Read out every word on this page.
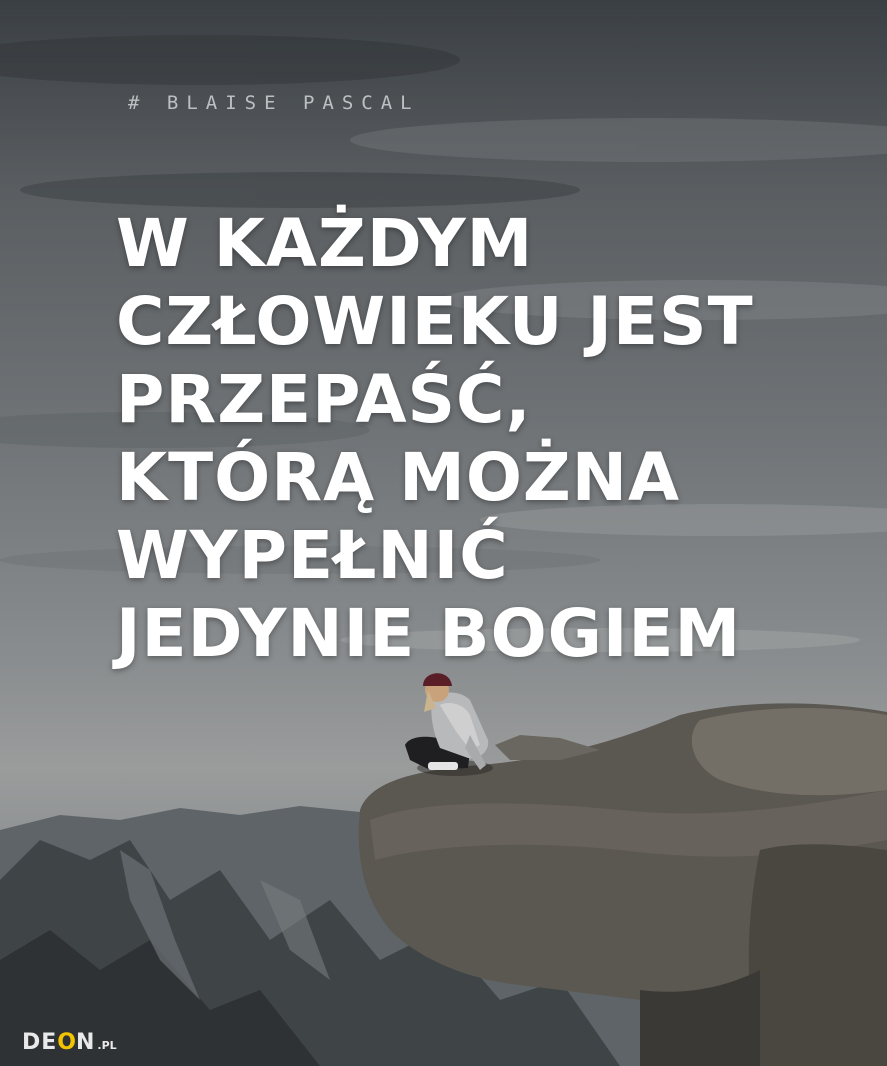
# BLAISE PASCAL
W KAŻDYM
CZŁOWIEKU JEST
PRZEPAŚĆ,
KTÓRĄ MOŻNA
WYPEŁNIĆ
JEDYNIE BOGIEM
DE O N .PL
